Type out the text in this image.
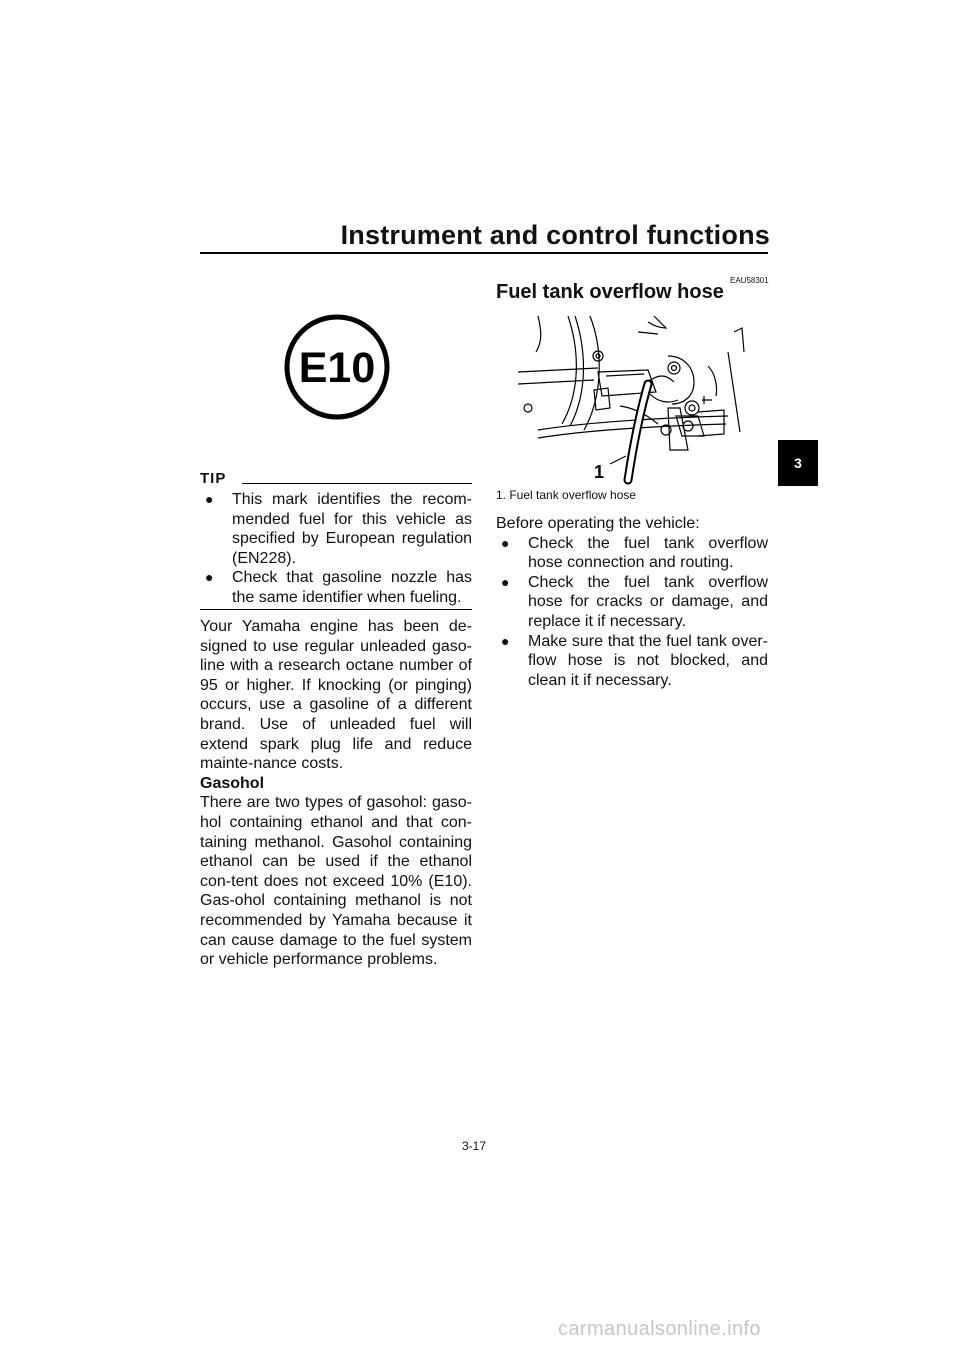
Instrument and control functions
3
E10
TIP
● This mark identifies the recom-mended fuel for this vehicle as specified by European regulation (EN228).
● Check that gasoline nozzle has the same identifier when fueling.
Your Yamaha engine has been de-signed to use regular unleaded gaso-line with a research octane number of 95 or higher. If knocking (or pinging) occurs, use a gasoline of a different brand. Use of unleaded fuel will extend spark plug life and reduce mainte-nance costs.
Gasohol
There are two types of gasohol: gaso-hol containing ethanol and that con-taining methanol. Gasohol containing ethanol can be used if the ethanol con-tent does not exceed 10% (E10). Gas-ohol containing methanol is not recommended by Yamaha because it can cause damage to the fuel system or vehicle performance problems.
EAU58301
Fuel tank overflow hose
1
1. Fuel tank overflow hose
Before operating the vehicle:
● Check the fuel tank overflow hose connection and routing.
● Check the fuel tank overflow hose for cracks or damage, and replace it if necessary.
● Make sure that the fuel tank over-flow hose is not blocked, and clean it if necessary.
3-17
carmanualsonline.info
